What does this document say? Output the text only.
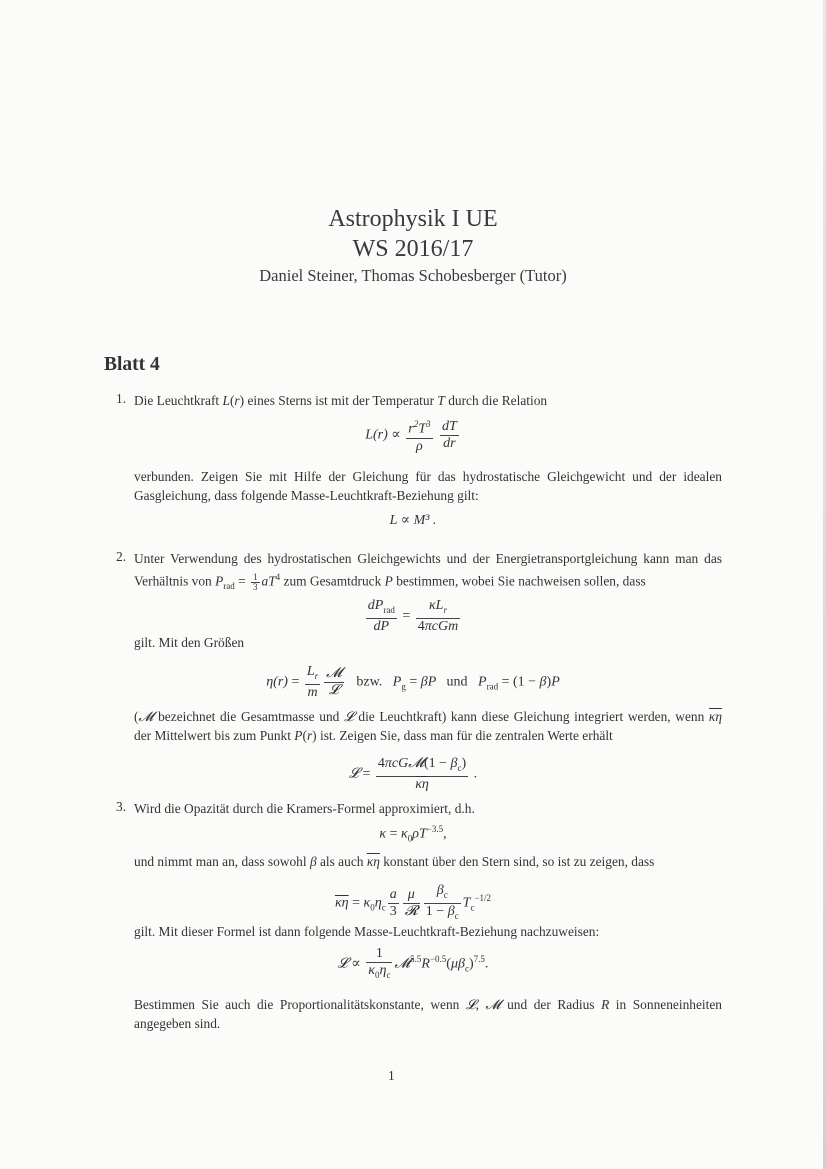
Astrophysik I UE
WS 2016/17
Daniel Steiner, Thomas Schobesberger (Tutor)
Blatt 4
1. Die Leuchtkraft L(r) eines Sterns ist mit der Temperatur T durch die Relation
$L(r) \propto \frac{r^2T^3}{\rho}$
$\frac{dT}{dr}$
verbunden. Zeigen Sie mit Hilfe der Gleichung für das hydrostatische Gleichgewicht und der idealen Gasgleichung, dass folgende Masse-Leuchtkraft-Beziehung gilt:
L ∝ M³ .
2. Unter Verwendung des hydrostatischen Gleichgewichts und der Energietransportgleichung kann man das Verhältnis von $P_{rad} = \frac{1}{3} aT^4$ zum Gesamtdruck P bestimmen, wobei Sie nachweisen sollen, dass
$\frac{dP_{rad}}{dP} = \frac{\kappa L_r}{\text{4πcGm}}$
gilt. Mit den Größen
$\eta(r) = \frac{L_r}{m} \frac{\text{𝓜}}{\text{𝓛}}$ bzw.   $P_g = \beta P$   und   $P_{rad} = (1 - \beta)P$
(𝓜 bezeichnet die Gesamtmasse und 𝓛 die Leuchtkraft) kann diese Gleichung integriert werden, wenn $\overline{\kappa\eta}$ der Mittelwert bis zum Punkt P(r) ist. Zeigen Sie, dass man für die zentralen Werte erhält
𝓛 = $\frac{4\pi cG𝓜(1 - \beta_c)}{\kappa\eta}$ .
3. Wird die Opazität durch die Kramers-Formel approximiert, d.h.
$\kappa = \kappa_0\rho T^{-3.5}$,
und nimmt man an, dass sowohl β als auch $\overline{\kappa\eta}$ konstant über den Stern sind, so ist zu zeigen, dass
$\overline{\kappa\eta} = \kappa_0\eta_c \frac{a}{3} \frac{\mu}{\text{𝓡}} \frac{\beta_c}{1 - \beta_c} T_c^{-1/2}$
gilt. Mit dieser Formel ist dann folgende Masse-Leuchtkraft-Beziehung nachzuweisen:
𝓛 ∝ $\frac{1}{\kappa_0\eta_c}$ $𝓜^{5.5}R^{-0.5}(\mu\beta_c)^{7.5}$.
Bestimmen Sie auch die Proportionalitätskonstante, wenn 𝓛, 𝓜 und der Radius R in Sonneneinheiten angegeben sind.
1
